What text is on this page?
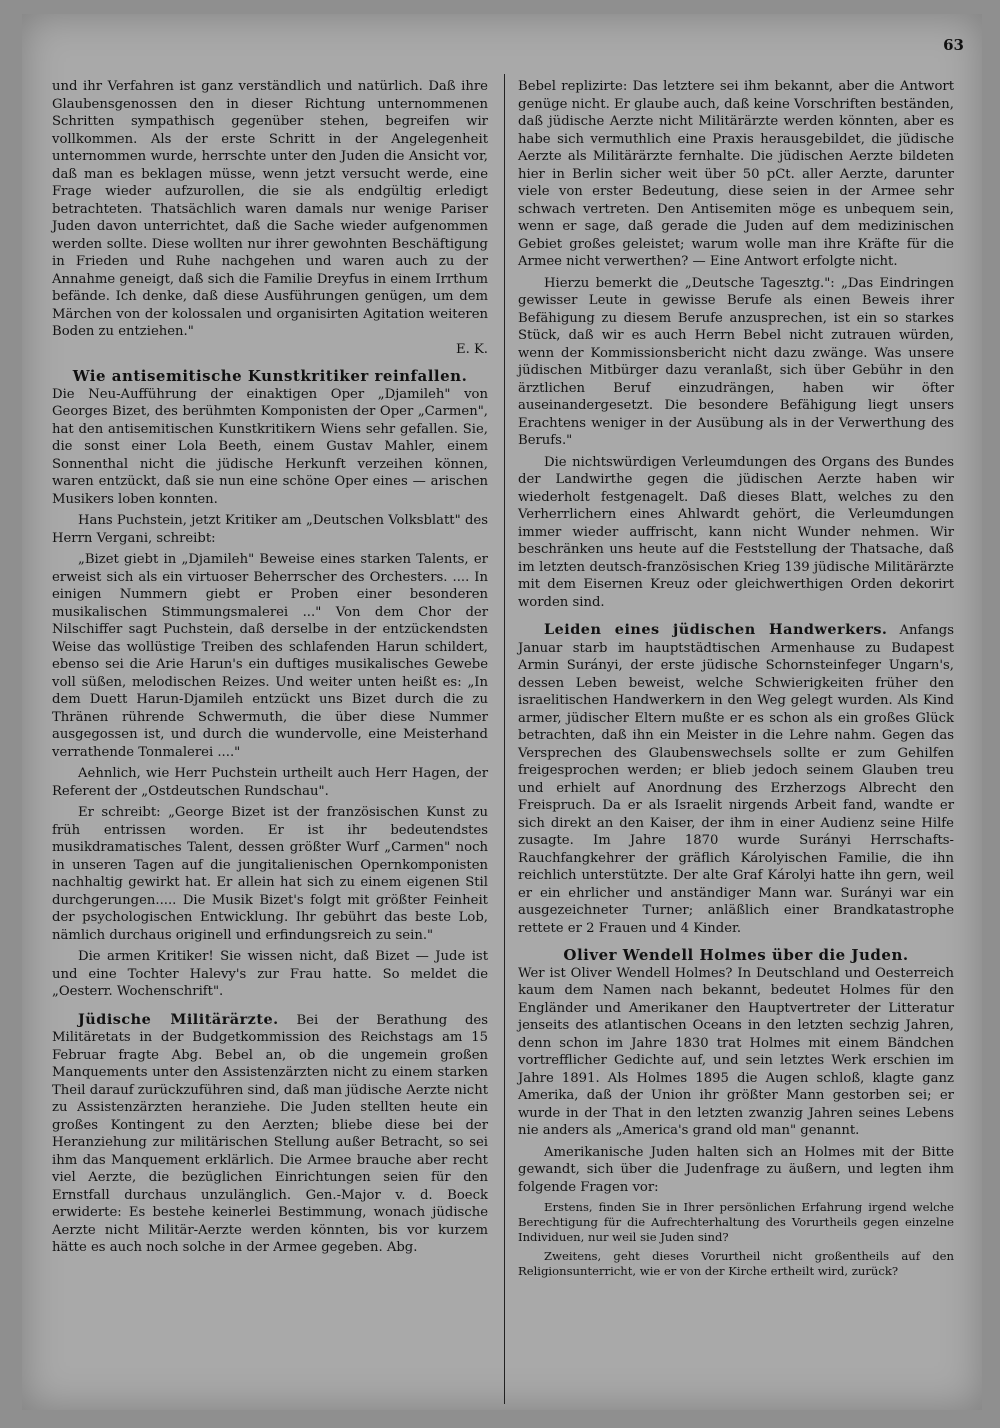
63

und ihr Verfahren ist ganz verständlich und natürlich. Daß ihre Glaubensgenossen den in dieser Richtung unternommenen Schritten sympathisch gegenüber stehen, begreifen wir vollkommen. Als der erste Schritt in der Angelegenheit unternommen wurde, herrschte unter den Juden die Ansicht vor, daß man es beklagen müsse, wenn jetzt versucht werde, eine Frage wieder aufzurollen, die sie als endgültig erledigt betrachteten. Thatsächlich waren damals nur wenige Pariser Juden davon unterrichtet, daß die Sache wieder aufgenommen werden sollte. Diese wollten nur ihrer gewohnten Beschäftigung in Frieden und Ruhe nachgehen und waren auch zu der Annahme geneigt, daß sich die Familie Dreyfus in einem Irrthum befände. Ich denke, daß diese Ausführungen genügen, um dem Märchen von der kolossalen und organisirten Agitation weiteren Boden zu entziehen."

E. K.

Wie antisemitische Kunstkritiker reinfallen.

Die Neu-Aufführung der einaktigen Oper „Djamileh" von Georges Bizet, des berühmten Komponisten der Oper „Carmen", hat den antisemitischen Kunstkritikern Wiens sehr gefallen. Sie, die sonst einer Lola Beeth, einem Gustav Mahler, einem Sonnenthal nicht die jüdische Herkunft verzeihen können, waren entzückt, daß sie nun eine schöne Oper eines — arischen Musikers loben konnten.

Hans Puchstein, jetzt Kritiker am „Deutschen Volksblatt" des Herrn Vergani, schreibt:

„Bizet giebt in „Djamileh" Beweise eines starken Talents, er erweist sich als ein virtuoser Beherrscher des Orchesters. .... In einigen Nummern giebt er Proben einer besonderen musikalischen Stimmungsmalerei ..." Von dem Chor der Nilschiffer sagt Puchstein, daß derselbe in der entzückendsten Weise das wollüstige Treiben des schlafenden Harun schildert, ebenso sei die Arie Harun's ein duftiges musikalisches Gewebe voll süßen, melodischen Reizes. Und weiter unten heißt es: „In dem Duett Harun-Djamileh entzückt uns Bizet durch die zu Thränen rührende Schwermuth, die über diese Nummer ausgegossen ist, und durch die wundervolle, eine Meisterhand verrathende Tonmalerei ...."

Aehnlich, wie Herr Puchstein urtheilt auch Herr Hagen, der Referent der „Ostdeutschen Rundschau".

Er schreibt: „George Bizet ist der französischen Kunst zu früh entrissen worden. Er ist ihr bedeutendstes musikdramatisches Talent, dessen größter Wurf „Carmen" noch in unseren Tagen auf die jungitalienischen Opernkomponisten nachhaltig gewirkt hat. Er allein hat sich zu einem eigenen Stil durchgerungen..... Die Musik Bizet's folgt mit größter Feinheit der psychologischen Entwicklung. Ihr gebührt das beste Lob, nämlich durchaus originell und erfindungsreich zu sein."

Die armen Kritiker! Sie wissen nicht, daß Bizet — Jude ist und eine Tochter Halevy's zur Frau hatte. So meldet die „Oesterr. Wochenschrift".

Jüdische Militärärzte. Bei der Berathung des Militäretats in der Budgetkommission des Reichstags am 15 Februar fragte Abg. Bebel an, ob die ungemein großen Manquements unter den Assistenzärzten nicht zu einem starken Theil darauf zurückzuführen sind, daß man jüdische Aerzte nicht zu Assistenzärzten heranziehe. Die Juden stellten heute ein großes Kontingent zu den Aerzten; bliebe diese bei der Heranziehung zur militärischen Stellung außer Betracht, so sei ihm das Manquement erklärlich. Die Armee brauche aber recht viel Aerzte, die bezüglichen Einrichtungen seien für den Ernstfall durchaus unzulänglich. Gen.-Major v. d. Boeck erwiderte: Es bestehe keinerlei Bestimmung, wonach jüdische Aerzte nicht Militär-Aerzte werden könnten, bis vor kurzem hätte es auch noch solche in der Armee gegeben. Abg.

Bebel replizirte: Das letztere sei ihm bekannt, aber die Antwort genüge nicht. Er glaube auch, daß keine Vorschriften beständen, daß jüdische Aerzte nicht Militärärzte werden könnten, aber es habe sich vermuthlich eine Praxis herausgebildet, die jüdische Aerzte als Militärärzte fernhalte. Die jüdischen Aerzte bildeten hier in Berlin sicher weit über 50 pCt. aller Aerzte, darunter viele von erster Bedeutung, diese seien in der Armee sehr schwach vertreten. Den Antisemiten möge es unbequem sein, wenn er sage, daß gerade die Juden auf dem medizinischen Gebiet großes geleistet; warum wolle man ihre Kräfte für die Armee nicht verwerthen? — Eine Antwort erfolgte nicht.

Hierzu bemerkt die „Deutsche Tagesztg.": „Das Eindringen gewisser Leute in gewisse Berufe als einen Beweis ihrer Befähigung zu diesem Berufe anzusprechen, ist ein so starkes Stück, daß wir es auch Herrn Bebel nicht zutrauen würden, wenn der Kommissionsbericht nicht dazu zwänge. Was unsere jüdischen Mitbürger dazu veranlaßt, sich über Gebühr in den ärztlichen Beruf einzudrängen, haben wir öfter auseinandergesetzt. Die besondere Befähigung liegt unsers Erachtens weniger in der Ausübung als in der Verwerthung des Berufs."

Die nichtswürdigen Verleumdungen des Organs des Bundes der Landwirthe gegen die jüdischen Aerzte haben wir wiederholt festgenagelt. Daß dieses Blatt, welches zu den Verherrlichern eines Ahlwardt gehört, die Verleumdungen immer wieder auffrischt, kann nicht Wunder nehmen. Wir beschränken uns heute auf die Feststellung der Thatsache, daß im letzten deutsch-französischen Krieg 139 jüdische Militärärzte mit dem Eisernen Kreuz oder gleichwerthigen Orden dekorirt worden sind.

Leiden eines jüdischen Handwerkers. Anfangs Januar starb im hauptstädtischen Armenhause zu Budapest Armin Surányi, der erste jüdische Schornsteinfeger Ungarn's, dessen Leben beweist, welche Schwierigkeiten früher den israelitischen Handwerkern in den Weg gelegt wurden. Als Kind armer, jüdischer Eltern mußte er es schon als ein großes Glück betrachten, daß ihn ein Meister in die Lehre nahm. Gegen das Versprechen des Glaubenswechsels sollte er zum Gehilfen freigesprochen werden; er blieb jedoch seinem Glauben treu und erhielt auf Anordnung des Erzherzogs Albrecht den Freispruch. Da er als Israelit nirgends Arbeit fand, wandte er sich direkt an den Kaiser, der ihm in einer Audienz seine Hilfe zusagte. Im Jahre 1870 wurde Surányi Herrschafts-Rauchfangkehrer der gräflich Károlyischen Familie, die ihn reichlich unterstützte. Der alte Graf Károlyi hatte ihn gern, weil er ein ehrlicher und anständiger Mann war. Surányi war ein ausgezeichneter Turner; anläßlich einer Brandkatastrophe rettete er 2 Frauen und 4 Kinder.

Oliver Wendell Holmes über die Juden.

Wer ist Oliver Wendell Holmes? In Deutschland und Oesterreich kaum dem Namen nach bekannt, bedeutet Holmes für den Engländer und Amerikaner den Hauptvertreter der Litteratur jenseits des atlantischen Oceans in den letzten sechzig Jahren, denn schon im Jahre 1830 trat Holmes mit einem Bändchen vortrefflicher Gedichte auf, und sein letztes Werk erschien im Jahre 1891. Als Holmes 1895 die Augen schloß, klagte ganz Amerika, daß der Union ihr größter Mann gestorben sei; er wurde in der That in den letzten zwanzig Jahren seines Lebens nie anders als „America's grand old man" genannt.

Amerikanische Juden halten sich an Holmes mit der Bitte gewandt, sich über die Judenfrage zu äußern, und legten ihm folgende Fragen vor:

Erstens, finden Sie in Ihrer persönlichen Erfahrung irgend welche Berechtigung für die Aufrechterhaltung des Vorurtheils gegen einzelne Individuen, nur weil sie Juden sind?

Zweitens, geht dieses Vorurtheil nicht großentheils auf den Religionsunterricht, wie er von der Kirche ertheilt wird, zurück?
